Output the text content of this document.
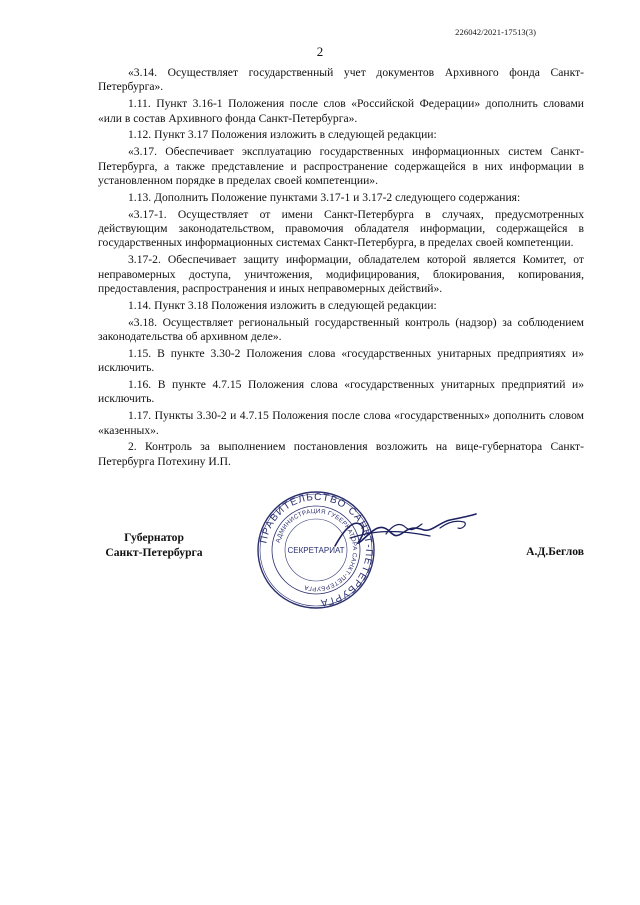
226042/2021-17513(3)
2

«3.14. Осуществляет государственный учет документов Архивного фонда Санкт-Петербурга».

1.11. Пункт 3.16-1 Положения после слов «Российской Федерации» дополнить словами «или в состав Архивного фонда Санкт-Петербурга».

1.12. Пункт 3.17 Положения изложить в следующей редакции:

«3.17. Обеспечивает эксплуатацию государственных информационных систем Санкт-Петербурга, а также представление и распространение содержащейся в них информации в установленном порядке в пределах своей компетенции».

1.13. Дополнить Положение пунктами 3.17-1 и 3.17-2 следующего содержания:

«3.17-1. Осуществляет от имени Санкт-Петербурга в случаях, предусмотренных действующим законодательством, правомочия обладателя информации, содержащейся в государственных информационных системах Санкт-Петербурга, в пределах своей компетенции.

3.17-2. Обеспечивает защиту информации, обладателем которой является Комитет, от неправомерных доступа, уничтожения, модифицирования, блокирования, копирования, предоставления, распространения и иных неправомерных действий».

1.14. Пункт 3.18 Положения изложить в следующей редакции:

«3.18. Осуществляет региональный государственный контроль (надзор) за соблюдением законодательства об архивном деле».

1.15. В пункте 3.30-2 Положения слова «государственных унитарных предприятиях и» исключить.

1.16. В пункте 4.7.15 Положения слова «государственных унитарных предприятий и» исключить.

1.17. Пункты 3.30-2 и 4.7.15 Положения после слова «государственных» дополнить словом «казенных».

2. Контроль за выполнением постановления возложить на вице-губернатора Санкт-Петербурга Потехину И.П.

Губернатор
Санкт-Петербурга
ПРАВИТЕЛЬСТВО САНКТ-ПЕТЕРБУРГА
АДМИНИСТРАЦИЯ ГУБЕРНАТОРА САНКТ-ПЕТЕРБУРГА
СЕКРЕТАРИАТ	А.Д.Беглов
